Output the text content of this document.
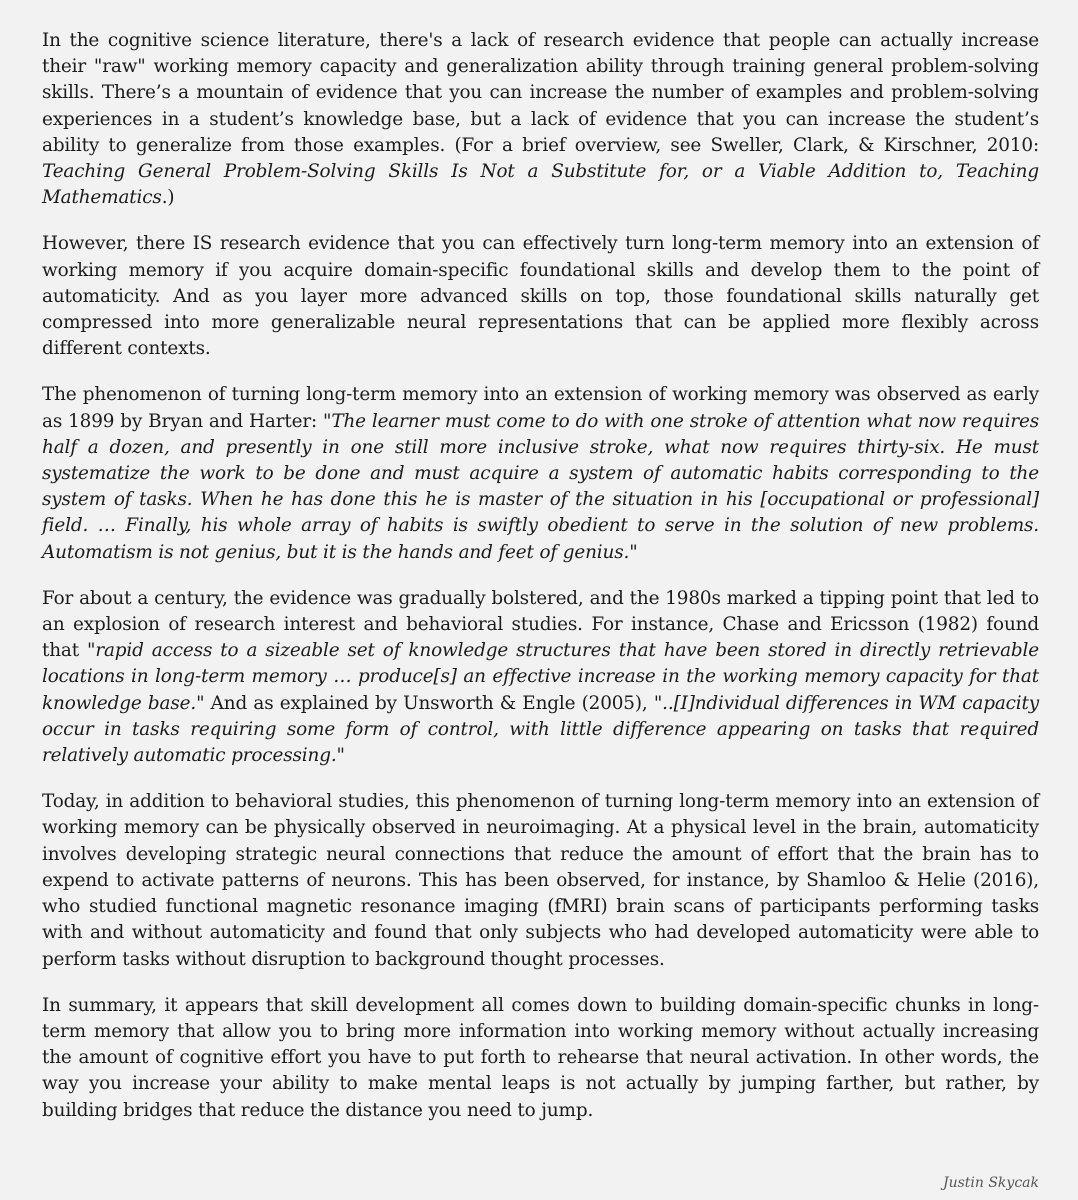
In the cognitive science literature, there's a lack of research evidence that people can actually increase their "raw" working memory capacity and generalization ability through training general problem-solving skills. There’s a mountain of evidence that you can increase the number of examples and problem-solving experiences in a student’s knowledge base, but a lack of evidence that you can increase the student’s ability to generalize from those examples. (For a brief overview, see Sweller, Clark, & Kirschner, 2010: Teaching General Problem-Solving Skills Is Not a Substitute for, or a Viable Addition to, Teaching Mathematics.)

However, there IS research evidence that you can effectively turn long-term memory into an extension of working memory if you acquire domain-specific foundational skills and develop them to the point of automaticity. And as you layer more advanced skills on top, those foundational skills naturally get compressed into more generalizable neural representations that can be applied more flexibly across different contexts.

The phenomenon of turning long-term memory into an extension of working memory was observed as early as 1899 by Bryan and Harter: "The learner must come to do with one stroke of attention what now requires half a dozen, and presently in one still more inclusive stroke, what now requires thirty-six. He must systematize the work to be done and must acquire a system of automatic habits corresponding to the system of tasks. When he has done this he is master of the situation in his [occupational or professional] field. … Finally, his whole array of habits is swiftly obedient to serve in the solution of new problems. Automatism is not genius, but it is the hands and feet of genius."

For about a century, the evidence was gradually bolstered, and the 1980s marked a tipping point that led to an explosion of research interest and behavioral studies. For instance, Chase and Ericsson (1982) found that "rapid access to a sizeable set of knowledge structures that have been stored in directly retrievable locations in long-term memory … produce[s] an effective increase in the working memory capacity for that knowledge base." And as explained by Unsworth & Engle (2005), "..[I]ndividual differences in WM capacity occur in tasks requiring some form of control, with little difference appearing on tasks that required relatively automatic processing."

Today, in addition to behavioral studies, this phenomenon of turning long-term memory into an extension of working memory can be physically observed in neuroimaging. At a physical level in the brain, automaticity involves developing strategic neural connections that reduce the amount of effort that the brain has to expend to activate patterns of neurons. This has been observed, for instance, by Shamloo & Helie (2016), who studied functional magnetic resonance imaging (fMRI) brain scans of participants performing tasks with and without automaticity and found that only subjects who had developed automaticity were able to perform tasks without disruption to background thought processes.

In summary, it appears that skill development all comes down to building domain-specific chunks in long-term memory that allow you to bring more information into working memory without actually increasing the amount of cognitive effort you have to put forth to rehearse that neural activation. In other words, the way you increase your ability to make mental leaps is not actually by jumping farther, but rather, by building bridges that reduce the distance you need to jump.

Justin Skycak
